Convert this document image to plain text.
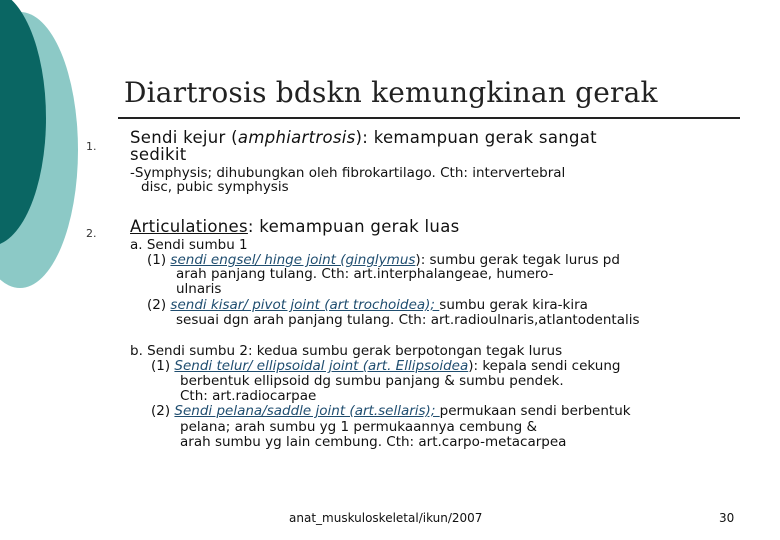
Diartrosis bdskn kemungkinan gerak
1. Sendi kejur (amphiartrosis): kemampuan gerak sangat
sedikit
-Symphysis; dihubungkan oleh fibrokartilago. Cth: intervertebral
disc, pubic symphysis
2. Articulationes: kemampuan gerak luas
a. Sendi sumbu 1
(1) sendi engsel/ hinge joint (ginglymus): sumbu gerak tegak lurus pd
arah panjang tulang. Cth: art.interphalangeae, humero-
ulnaris
(2) sendi kisar/ pivot joint (art trochoidea); sumbu gerak kira-kira
sesuai dgn arah panjang tulang. Cth: art.radioulnaris,atlantodentalis
b. Sendi sumbu 2: kedua sumbu gerak berpotongan tegak lurus
(1) Sendi telur/ ellipsoidal joint (art. Ellipsoidea): kepala sendi cekung
berbentuk ellipsoid dg sumbu panjang & sumbu pendek.
Cth: art.radiocarpae
(2) Sendi pelana/saddle joint (art.sellaris); permukaan sendi berbentuk
pelana; arah sumbu yg 1 permukaannya cembung &
arah sumbu yg lain cembung. Cth: art.carpo-metacarpea
anat_muskuloskeletal/ikun/2007	30
